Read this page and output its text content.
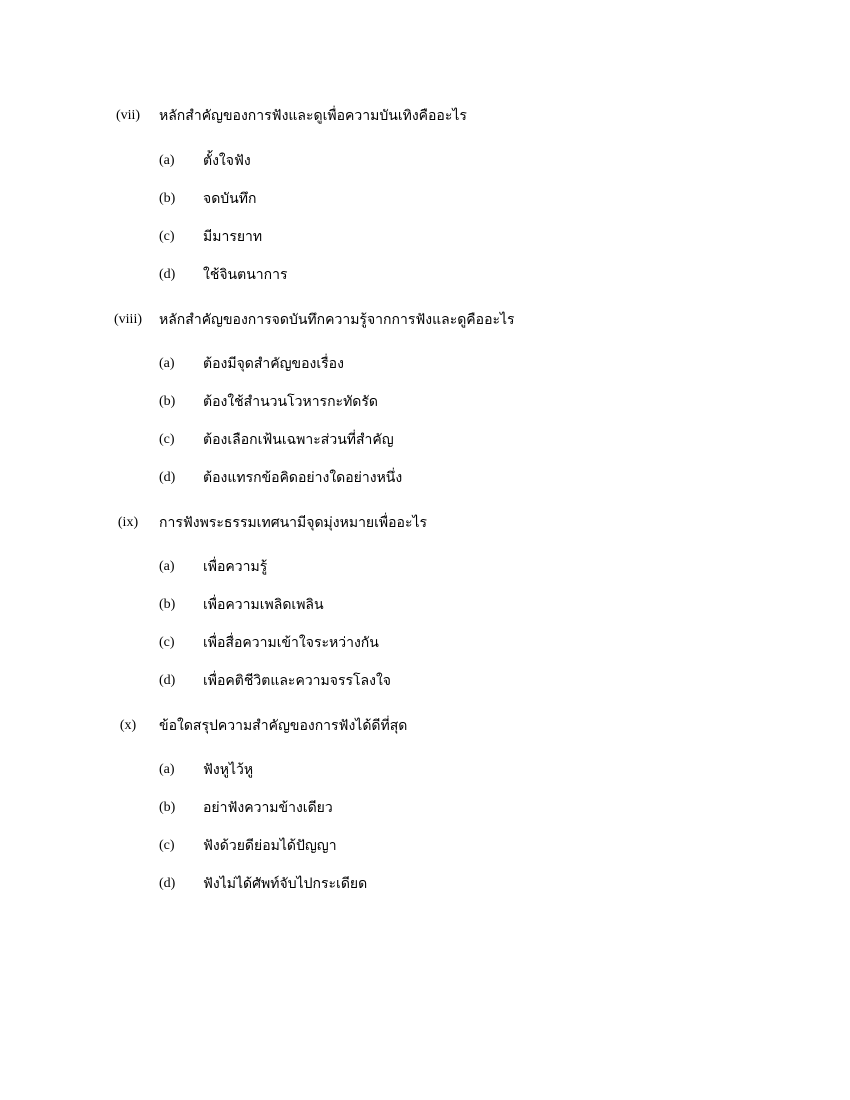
(vii)	หลักสำคัญของการฟังและดูเพื่อความบันเทิงคืออะไร
(a) ตั้งใจฟัง
(b) จดบันทึก
(c) มีมารยาท
(d) ใช้จินตนาการ
(viii)	หลักสำคัญของการจดบันทึกความรู้จากการฟังและดูคืออะไร
(a) ต้องมีจุดสำคัญของเรื่อง
(b) ต้องใช้สำนวนโวหารกะทัดรัด
(c) ต้องเลือกเฟ้นเฉพาะส่วนที่สำคัญ
(d) ต้องแทรกข้อคิดอย่างใดอย่างหนึ่ง
(ix)	การฟังพระธรรมเทศนามีจุดมุ่งหมายเพื่ออะไร
(a) เพื่อความรู้
(b) เพื่อความเพลิดเพลิน
(c) เพื่อสื่อความเข้าใจระหว่างกัน
(d) เพื่อคติชีวิตและความจรรโลงใจ
(x)	ข้อใดสรุปความสำคัญของการฟังได้ดีที่สุด
(a) ฟังหูไว้หู
(b) อย่าฟังความข้างเดียว
(c) ฟังด้วยดีย่อมได้ปัญญา
(d) ฟังไม่ได้ศัพท์จับไปกระเดียด
